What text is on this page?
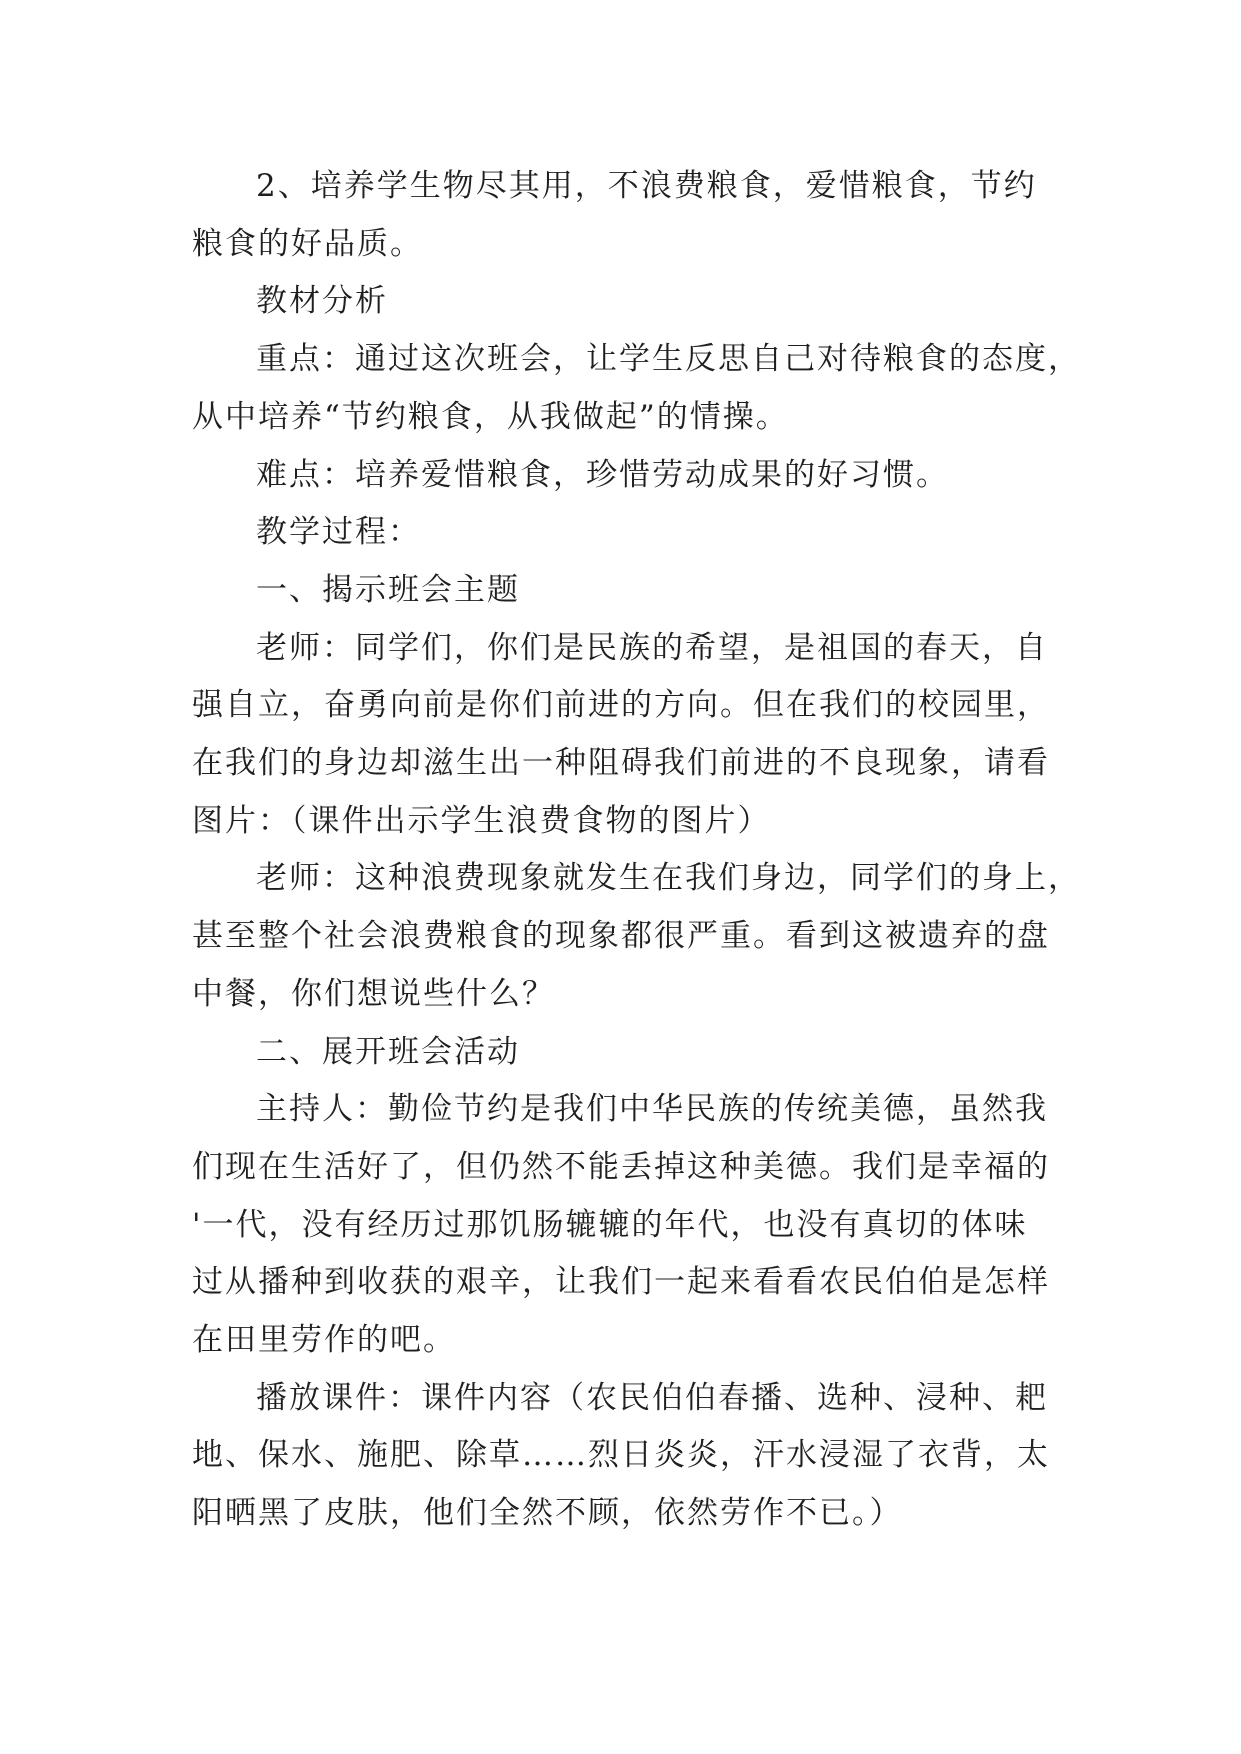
2、培养学生物尽其用，不浪费粮食，爱惜粮食，节约
粮食的好品质。

教材分析

重点：通过这次班会，让学生反思自己对待粮食的态度，
从中培养“节约粮食，从我做起”的情操。

难点：培养爱惜粮食，珍惜劳动成果的好习惯。

教学过程：

一、揭示班会主题

老师：同学们，你们是民族的希望，是祖国的春天，自
强自立，奋勇向前是你们前进的方向。但在我们的校园里，
在我们的身边却滋生出一种阻碍我们前进的不良现象，请看
图片：（课件出示学生浪费食物的图片）

老师：这种浪费现象就发生在我们身边，同学们的身上，
甚至整个社会浪费粮食的现象都很严重。看到这被遗弃的盘
中餐，你们想说些什么？

二、展开班会活动

主持人：勤俭节约是我们中华民族的传统美德，虽然我
们现在生活好了，但仍然不能丢掉这种美德。我们是幸福的
'一代，没有经历过那饥肠辘辘的年代，也没有真切的体味
过从播种到收获的艰辛，让我们一起来看看农民伯伯是怎样
在田里劳作的吧。

播放课件：课件内容（农民伯伯春播、选种、浸种、耙
地、保水、施肥、除草……烈日炎炎，汗水浸湿了衣背，太
阳晒黑了皮肤，他们全然不顾，依然劳作不已。）
